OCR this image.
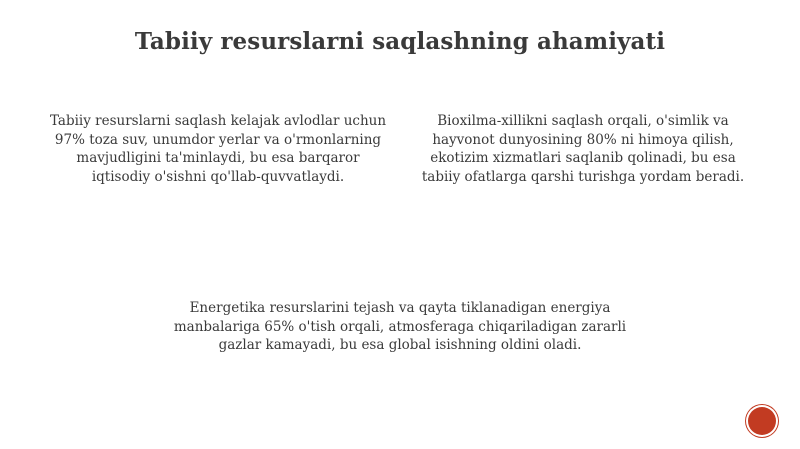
Tabiiy resurslarni saqlashning ahamiyati

Tabiiy resurslarni saqlash kelajak avlodlar uchun 97% toza suv, unumdor yerlar va o'rmonlarning mavjudligini ta'minlaydi, bu esa barqaror iqtisodiy o'sishni qo'llab-quvvatlaydi.

Bioxilma-xillikni saqlash orqali, o'simlik va hayvonot dunyosining 80% ni himoya qilish, ekotizim xizmatlari saqlanib qolinadi, bu esa tabiiy ofatlarga qarshi turishga yordam beradi.

Energetika resurslarini tejash va qayta tiklanadigan energiya manbalariga 65% o'tish orqali, atmosferaga chiqariladigan zararli gazlar kamayadi, bu esa global isishning oldini oladi.
